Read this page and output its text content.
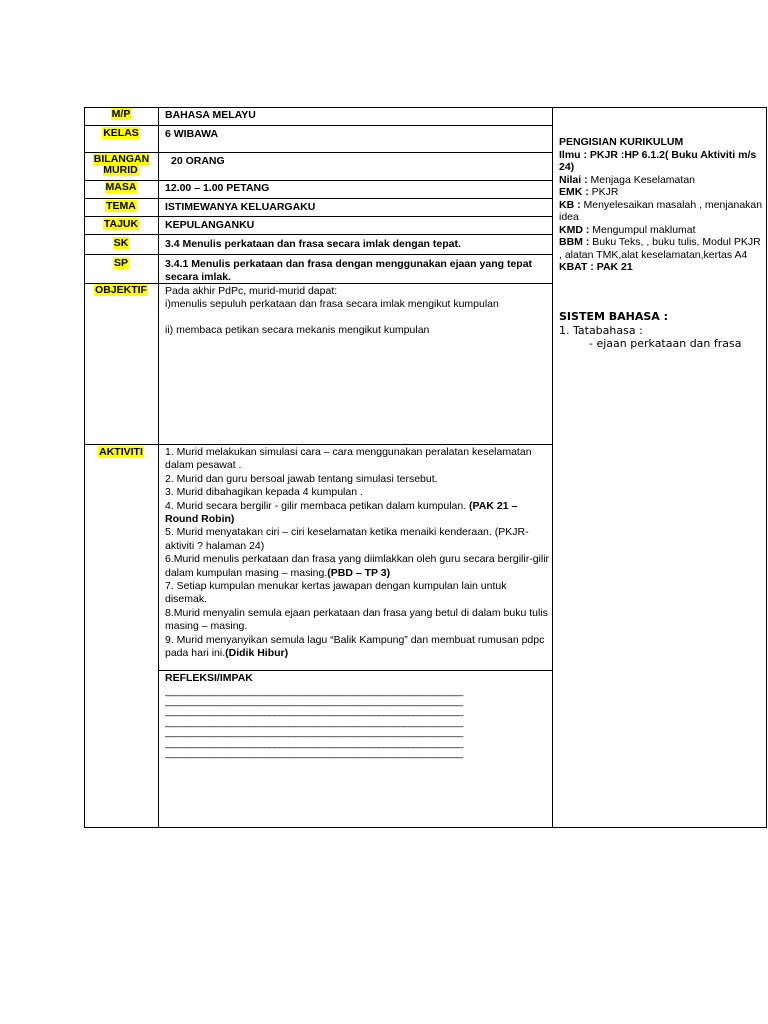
M/P
KELAS
BILANGAN MURID
MASA
TEMA
TAJUK
SK
SP
OBJEKTIF
AKTIVITI
BAHASA MELAYU
6 WIBAWA
20 ORANG
12.00 – 1.00 PETANG
ISTIMEWANYA KELUARGAKU
KEPULANGANKU
3.4 Menulis perkataan dan frasa secara imlak dengan tepat.
3.4.1 Menulis perkataan dan frasa dengan menggunakan ejaan yang tepat secara imlak.
Pada akhir PdPc, murid-murid dapat:
i)menulis sepuluh perkataan dan frasa secara imlak mengikut kumpulan
ii) membaca petikan secara mekanis mengikut kumpulan
1. Murid melakukan simulasi cara – cara menggunakan peralatan keselamatan dalam pesawat .
2. Murid dan guru bersoal jawab tentang simulasi tersebut.
3. Murid dibahagikan kepada 4 kumpulan .
4. Murid secara bergilir - gilir membaca petikan dalam kumpulan. (PAK 21 – Round Robin)
5. Murid menyatakan ciri – ciri keselamatan ketika menaiki kenderaan. (PKJR-aktiviti ? halaman 24)
6.Murid menulis perkataan dan frasa yang diimlakkan oleh guru secara bergilir-gilir dalam kumpulan masing – masing.(PBD – TP 3)
7. Setiap kumpulan menukar kertas jawapan dengan kumpulan lain untuk disemak.
8.Murid menyalin semula ejaan perkataan dan frasa yang betul di dalam buku tulis masing – masing.
9. Murid menyanyikan semula lagu “Balik Kampung” dan membuat rumusan pdpc pada hari ini.(Didik Hibur)
REFLEKSI/IMPAK
____________________________________________________________
____________________________________________________________
____________________________________________________________
____________________________________________________________
____________________________________________________________
____________________________________________________________
____________________________________________________________
PENGISIAN KURIKULUM
Ilmu : PKJR :HP 6.1.2( Buku Aktiviti m/s 24)
Nilai : Menjaga Keselamatan
EMK : PKJR
KB : Menyelesaikan masalah , menjanakan idea
KMD : Mengumpul maklumat
BBM : Buku Teks, , buku tulis, Modul PKJR , alatan TMK,alat keselamatan,kertas A4
KBAT : PAK 21
SISTEM BAHASA :
1. Tatabahasa :
- ejaan perkataan dan frasa
